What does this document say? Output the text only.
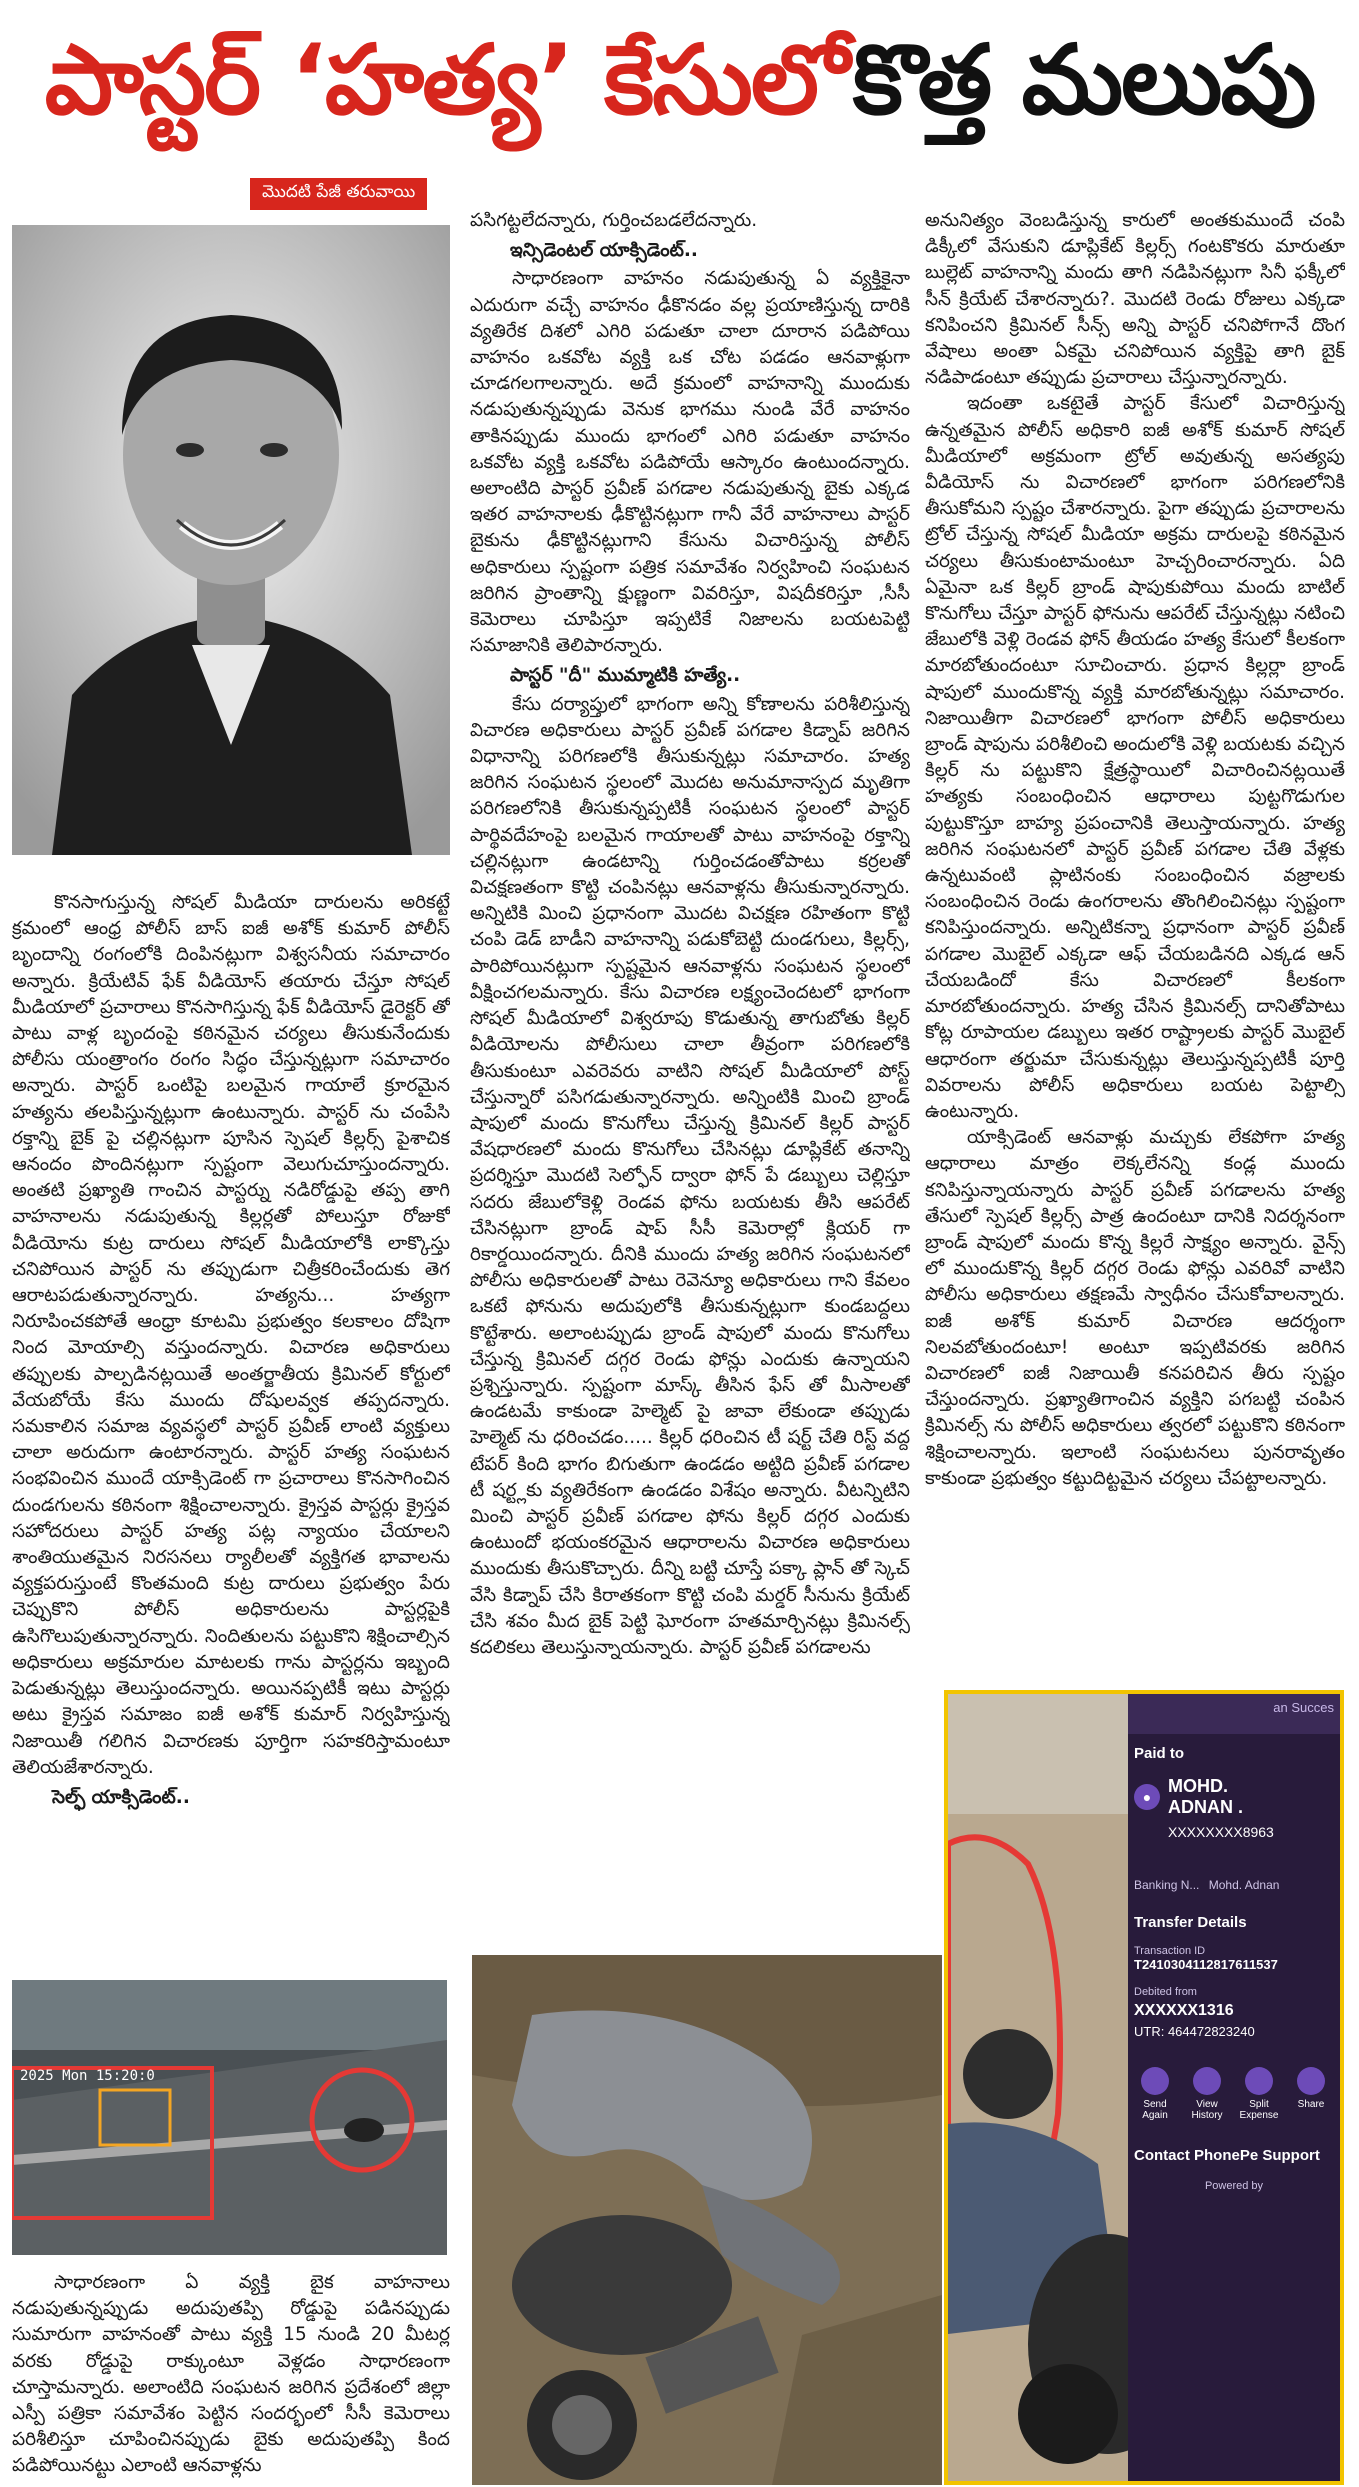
పాస్టర్ ‘హత్య’ కేసులో కొత్త మలుపు
మొదటి పేజీ తరువాయి

కొనసాగుస్తున్న సోషల్ మీడియా దారులను అరికట్టే క్రమంలో ఆంధ్ర పోలీస్ బాస్ ఐజీ అశోక్ కుమార్ పోలీస్ బృందాన్ని రంగంలోకి దింపినట్లుగా విశ్వసనీయ సమాచారం అన్నారు. క్రియేటివ్ ఫేక్ వీడియోస్ తయారు చేస్తూ సోషల్ మీడియాలో ప్రచారాలు కొనసాగిస్తున్న ఫేక్ వీడియోస్ డైరెక్టర్ తో పాటు వాళ్ల బృందంపై కఠినమైన చర్యలు తీసుకునేందుకు పోలీసు యంత్రాంగం రంగం సిద్ధం చేస్తున్నట్లుగా సమాచారం అన్నారు. పాస్టర్ ఒంటిపై బలమైన గాయాలే క్రూరమైన హత్యను తలపిస్తున్నట్లుగా ఉంటున్నారు. పాస్టర్ ను చంపేసి రక్తాన్ని బైక్ పై చల్లినట్లుగా పూసిన స్పెషల్ కిల్లర్స్ పైశాచిక ఆనందం పొందినట్లుగా స్పష్టంగా వెలుగుచూస్తుందన్నారు. అంతటి ప్రఖ్యాతి గాంచిన పాస్టర్ను నడిరోడ్డుపై తప్ప తాగి వాహనాలను నడుపుతున్న కిల్లర్లతో పోలుస్తూ రోజుకో వీడియోను కుట్ర దారులు సోషల్ మీడియాలోకి లాక్కొస్తు చనిపోయిన పాస్టర్ ను తప్పుడుగా చిత్రీకరించేందుకు తెగ ఆరాటపడుతున్నారన్నారు. హత్యను... హత్యగా నిరూపించకపోతే ఆంధ్రా కూటమి ప్రభుత్వం కలకాలం దోషిగా నింద మోయాల్సి వస్తుందన్నారు. విచారణ అధికారులు తప్పులకు పాల్పడినట్లయితే అంతర్జాతీయ క్రిమినల్ కోర్టులో వేయబోయే కేసు ముందు దోషులవ్వక తప్పదన్నారు. సమకాలిన సమాజ వ్యవస్థలో పాస్టర్ ప్రవీణ్ లాంటి వ్యక్తులు చాలా అరుదుగా ఉంటారన్నారు. పాస్టర్ హత్య సంఘటన సంభవించిన ముందే యాక్సిడెంట్ గా ప్రచారాలు కొనసాగించిన దుండగులను కఠినంగా శిక్షించాలన్నారు. క్రైస్తవ పాస్టర్లు క్రైస్తవ సహోదరులు పాస్టర్ హత్య పట్ల న్యాయం చేయాలని శాంతియుతమైన నిరసనలు ర్యాలీలతో వ్యక్తిగత భావాలను వ్యక్తపరుస్తుంటే కొంతమంది కుట్ర దారులు ప్రభుత్వం పేరు చెప్పుకొని పోలీస్ అధికారులను పాస్టర్లపైకి ఉసిగొలుపుతున్నారన్నారు. నిందితులను పట్టుకొని శిక్షించాల్సిన అధికారులు అక్రమారుల మాటలకు గాను పాస్టర్లను ఇబ్బంది పెడుతున్నట్లు తెలుస్తుందన్నారు. అయినప్పటికీ ఇటు పాస్టర్లు అటు క్రైస్తవ సమాజం ఐజీ అశోక్ కుమార్ నిర్వహిస్తున్న నిజాయితీ గలిగిన విచారణకు పూర్తిగా సహకరిస్తామంటూ తెలియజేశారన్నారు.

సెల్ఫ్ యాక్సిడెంట్..

2025 Mon 15:20:0

సాధారణంగా ఏ వ్యక్తి బైక వాహనాలు నడుపుతున్నప్పుడు అదుపుతప్పి రోడ్డుపై పడినప్పుడు సుమారుగా వాహనంతో పాటు వ్యక్తి 15 నుండి 20 మీటర్ల వరకు రోడ్డుపై రాక్కుంటూ వెళ్లడం సాధారణంగా చూస్తామన్నారు. అలాంటిది సంఘటన జరిగిన ప్రదేశంలో జిల్లా ఎస్పీ పత్రికా సమావేశం పెట్టిన సందర్భంలో సీసీ కెమెరాలు పరిశీలిస్తూ చూపించినప్పుడు బైకు అదుపుతప్పి కింద పడిపోయినట్టు ఎలాంటి ఆనవాళ్లను

పసిగట్టలేదన్నారు, గుర్తించబడలేదన్నారు.

ఇన్సిడెంటల్ యాక్సిడెంట్..

సాధారణంగా వాహనం నడుపుతున్న ఏ వ్యక్తికైనా ఎదురుగా వచ్చే వాహనం ఢీకొనడం వల్ల ప్రయాణిస్తున్న దారికి వ్యతిరేక దిశలో ఎగిరి పడుతూ చాలా దూరాన పడిపోయి వాహనం ఒకవోట వ్యక్తి ఒక చోట పడడం ఆనవాళ్లుగా చూడగలగాలన్నారు. అదే క్రమంలో వాహనాన్ని ముందుకు నడుపుతున్నప్పుడు వెనుక భాగము నుండి వేరే వాహనం తాకినప్పుడు ముందు భాగంలో ఎగిరి పడుతూ వాహనం ఒకవోట వ్యక్తి ఒకవోట పడిపోయే ఆస్కారం ఉంటుందన్నారు. అలాంటిది పాస్టర్ ప్రవీణ్ పగడాల నడుపుతున్న బైకు ఎక్కడ ఇతర వాహనాలకు ఢీకొట్టినట్లుగా గానీ వేరే వాహనాలు పాస్టర్ బైకును ఢీకొట్టినట్లుగాని కేసును విచారిస్తున్న పోలీస్ అధికారులు స్పష్టంగా పత్రిక సమావేశం నిర్వహించి సంఘటన జరిగిన ప్రాంతాన్ని క్షుణ్ణంగా వివరిస్తూ, విషదీకరిస్తూ ,సీసీ కెమెరాలు చూపిస్తూ ఇప్పటికే నిజాలను బయటపెట్టి సమాజానికి తెలిపారన్నారు.

పాస్టర్ "దీ" ముమ్మాటికి హత్యే..

కేసు దర్యాప్తులో భాగంగా అన్ని కోణాలను పరిశీలిస్తున్న విచారణ అధికారులు పాస్టర్ ప్రవీణ్ పగడాల కిడ్నాప్ జరిగిన విధానాన్ని పరిగణలోకి తీసుకున్నట్లు సమాచారం. హత్య జరిగిన సంఘటన స్థలంలో మొదట అనుమానాస్పద మృతిగా పరిగణలోనికి తీసుకున్నప్పటికీ సంఘటన స్థలంలో పాస్టర్ పార్థివదేహంపై బలమైన గాయాలతో పాటు వాహనంపై రక్తాన్ని చల్లినట్లుగా ఉండటాన్ని గుర్తించడంతోపాటు కర్రలతో విచక్షణతంగా కొట్టి చంపినట్లు ఆనవాళ్లను తీసుకున్నారన్నారు. అన్నిటికి మించి ప్రధానంగా మొదట విచక్షణ రహితంగా కొట్టి చంపి డెడ్ బాడీని వాహనాన్ని పడుకోబెట్టి దుండగులు, కిల్లర్స్, పారిపోయినట్లుగా స్పష్టమైన ఆనవాళ్లను సంఘటన స్థలంలో వీక్షించగలమన్నారు. కేసు విచారణ లక్ష్యంచెందటలో భాగంగా సోషల్ మీడియాలో విశ్వరూపు కొడుతున్న తాగుబోతు కిల్లర్ వీడియోలను పోలీసులు చాలా తీవ్రంగా పరిగణలోకి తీసుకుంటూ ఎవరెవరు వాటిని సోషల్ మీడియాలో పోస్ట్ చేస్తున్నారో పసిగడుతున్నారన్నారు. అన్నింటికి మించి బ్రాండ్ షాపులో మందు కొనుగోలు చేస్తున్న క్రిమినల్ కిల్లర్ పాస్టర్ వేషధారణలో మందు కొనుగోలు చేసినట్లు డూప్లికేట్ తనాన్ని ప్రదర్శిస్తూ మొదటి సెల్ఫోన్ ద్వారా ఫోన్ పే డబ్బులు చెల్లిస్తూ సదరు జేబులోకెళ్లి రెండవ ఫోను బయటకు తీసి ఆపరేట్ చేసినట్లుగా బ్రాండ్ షాప్ సీసీ కెమెరాల్లో క్లియర్ గా రికార్డయిందన్నారు. దీనికి ముందు హత్య జరిగిన సంఘటనలో పోలీసు అధికారులతో పాటు రెవెన్యూ అధికారులు గాని కేవలం ఒకటే ఫోనును అదుపులోకి తీసుకున్నట్లుగా కుండబద్దలు కొట్టేశారు. అలాంటప్పుడు బ్రాండ్ షాపులో మందు కొనుగోలు చేస్తున్న క్రిమినల్ దగ్గర రెండు ఫోన్లు ఎందుకు ఉన్నాయని ప్రశ్నిస్తున్నారు. స్పష్టంగా మాస్క్ తీసిన ఫేస్ తో మీసాలతో ఉండటమే కాకుండా హెల్మెట్ పై జావా లేకుండా తప్పుడు హెల్మెట్ ను ధరించడం..... కిల్లర్ ధరించిన టీ షర్ట్ చేతి రిస్ట్ వద్ద టేపర్ కింది భాగం బిగుతుగా ఉండడం అట్టిది ప్రవీణ్ పగడాల టీ షర్ట్లకు వ్యతిరేకంగా ఉండడం విశేషం అన్నారు. వీటన్నిటిని మించి పాస్టర్ ప్రవీణ్ పగడాల ఫోను కిల్లర్ దగ్గర ఎందుకు ఉంటుందో భయంకరమైన ఆధారాలను విచారణ అధికారులు ముందుకు తీసుకొచ్చారు. దీన్ని బట్టి చూస్తే పక్కా ప్లాన్ తో స్కెచ్ వేసి కిడ్నాప్ చేసి కిరాతకంగా కొట్టి చంపి మర్డర్ సీనును క్రియేట్ చేసి శవం మీద బైక్ పెట్టి ఘోరంగా హతమార్చినట్లు క్రిమినల్స్ కదలికలు తెలుస్తున్నాయన్నారు. పాస్టర్ ప్రవీణ్ పగడాలను

అనునిత్యం వెంబడిస్తున్న కారులో అంతకుముందే చంపి డిక్కీలో వేసుకుని డూప్లికేట్ కిల్లర్స్ గంటకొకరు మారుతూ బుల్లెట్ వాహనాన్ని మందు తాగి నడిపినట్లుగా సినీ ఫక్కీలో సీన్ క్రియేట్ చేశారన్నారు?. మొదటి రెండు రోజులు ఎక్కడా కనిపించని క్రిమినల్ సీన్స్ అన్ని పాస్టర్ చనిపోగానే దొంగ వేషాలు అంతా ఏకమై చనిపోయిన వ్యక్తిపై తాగి బైక్ నడిపాడంటూ తప్పుడు ప్రచారాలు చేస్తున్నారన్నారు.

ఇదంతా ఒకటైతే పాస్టర్ కేసులో విచారిస్తున్న ఉన్నతమైన పోలీస్ అధికారి ఐజీ అశోక్ కుమార్ సోషల్ మీడియాలో అక్రమంగా ట్రోల్ అవుతున్న అసత్యపు వీడియోస్ ను విచారణలో భాగంగా పరిగణలోనికి తీసుకోమని స్పష్టం చేశారన్నారు. పైగా తప్పుడు ప్రచారాలను ట్రోల్ చేస్తున్న సోషల్ మీడియా అక్రమ దారులపై కఠినమైన చర్యలు తీసుకుంటామంటూ హెచ్చరించారన్నారు. ఏది ఏమైనా ఒక కిల్లర్ బ్రాండ్ షాపుకుపోయి మందు బాటిల్ కొనుగోలు చేస్తూ పాస్టర్ ఫోనును ఆపరేట్ చేస్తున్నట్లు నటించి జేబులోకి వెళ్లి రెండవ ఫోన్ తీయడం హత్య కేసులో కీలకంగా మారబోతుందంటూ సూచించారు. ప్రధాన కిల్లర్లా బ్రాండ్ షాపులో ముందుకొన్న వ్యక్తి మారబోతున్నట్లు సమాచారం. నిజాయితీగా విచారణలో భాగంగా పోలీస్ అధికారులు బ్రాండ్ షాపును పరిశీలించి అందులోకి వెళ్లి బయటకు వచ్చిన కిల్లర్ ను పట్టుకొని క్షేత్రస్థాయిలో విచారించినట్లయితే హత్యకు సంబంధించిన ఆధారాలు పుట్టగొడుగుల పుట్టుకొస్తూ బాహ్య ప్రపంచానికి తెలుస్తాయన్నారు. హత్య జరిగిన సంఘటనలో పాస్టర్ ప్రవీణ్ పగడాల చేతి వేళ్లకు ఉన్నటువంటి ప్లాటినంకు సంబంధించిన వజ్రాలకు సంబంధించిన రెండు ఉంగరాలను తొంగిలించినట్లు స్పష్టంగా కనిపిస్తుందన్నారు. అన్నిటికన్నా ప్రధానంగా పాస్టర్ ప్రవీణ్ పగడాల మొబైల్ ఎక్కడా ఆఫ్ చేయబడినది ఎక్కడ ఆన్ చేయబడిందో కేసు విచారణలో కీలకంగా మారబోతుందన్నారు. హత్య చేసిన క్రిమినల్స్ దానితోపాటు కోట్ల రూపాయల డబ్బులు ఇతర రాష్ట్రాలకు పాస్టర్ మొబైల్ ఆధారంగా తర్జుమా చేసుకున్నట్లు తెలుస్తున్నప్పటికీ పూర్తి వివరాలను పోలీస్ అధికారులు బయట పెట్టాల్సి ఉంటున్నారు.

యాక్సిడెంట్ ఆనవాళ్లు మచ్చుకు లేకపోగా హత్య ఆధారాలు మాత్రం లెక్కలేనన్ని కండ్ల ముందు కనిపిస్తున్నాయన్నారు పాస్టర్ ప్రవీణ్ పగడాలను హత్య తేసులో స్పెషల్ కిల్లర్స్ పాత్ర ఉందంటూ దానికి నిదర్శనంగా బ్రాండ్ షాపులో మందు కొన్న కిల్లరే సాక్ష్యం అన్నారు. వైన్స్ లో ముందుకొన్న కిల్లర్ దగ్గర రెండు ఫోన్లు ఎవరివో వాటిని పోలీసు అధికారులు తక్షణమే స్వాధీనం చేసుకోవాలన్నారు. ఐజీ అశోక్ కుమార్ విచారణ ఆదర్శంగా నిలవబోతుందంటూ! అంటూ ఇప్పటివరకు జరిగిన విచారణలో ఐజీ నిజాయితీ కనపరిచిన తీరు స్పష్టం చేస్తుందన్నారు. ప్రఖ్యాతిగాంచిన వ్యక్తిని పగబట్టి చంపిన క్రిమినల్స్ ను పోలీస్ అధికారులు త్వరలో పట్టుకొని కఠినంగా శిక్షించాలన్నారు. ఇలాంటి సంఘటనలు పునరావృతం కాకుండా ప్రభుత్వం కట్టుదిట్టమైన చర్యలు చేపట్టాలన్నారు.

an Succes
Paid to
●
MOHD.
ADNAN .
XXXXXXXX8963
Banking N... Mohd. Adnan
Transfer Details
Transaction ID
T2410304112817611537
Debited from
XXXXXX1316
UTR: 464472823240
Send Again
View History
Split Expense
Share
Contact PhonePe Support
Powered by
